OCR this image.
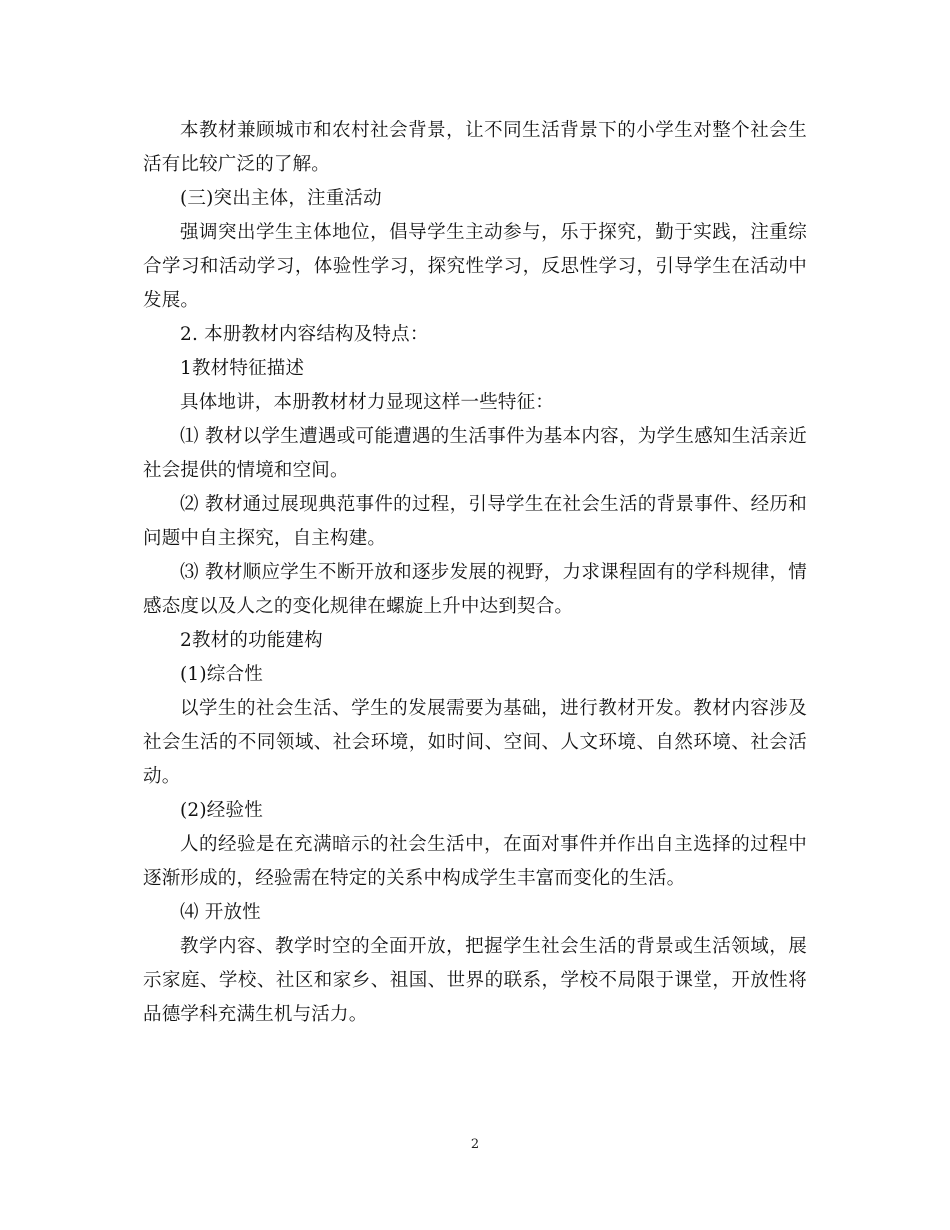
本教材兼顾城市和农村社会背景，让不同生活背景下的小学生对整个社会生活有比较广泛的了解。

(三)突出主体，注重活动

强调突出学生主体地位，倡导学生主动参与，乐于探究，勤于实践，注重综合学习和活动学习，体验性学习，探究性学习，反思性学习，引导学生在活动中发展。

2. 本册教材内容结构及特点：

1教材特征描述

具体地讲，本册教材材力显现这样一些特征：

⑴ 教材以学生遭遇或可能遭遇的生活事件为基本内容，为学生感知生活亲近社会提供的情境和空间。

⑵ 教材通过展现典范事件的过程，引导学生在社会生活的背景事件、经历和问题中自主探究，自主构建。

⑶ 教材顺应学生不断开放和逐步发展的视野，力求课程固有的学科规律，情感态度以及人之的变化规律在螺旋上升中达到契合。

2教材的功能建构

(1)综合性

以学生的社会生活、学生的发展需要为基础，进行教材开发。教材内容涉及社会生活的不同领域、社会环境，如时间、空间、人文环境、自然环境、社会活动。

(2)经验性

人的经验是在充满暗示的社会生活中，在面对事件并作出自主选择的过程中逐渐形成的，经验需在特定的关系中构成学生丰富而变化的生活。

⑷ 开放性

教学内容、教学时空的全面开放，把握学生社会生活的背景或生活领域，展示家庭、学校、社区和家乡、祖国、世界的联系，学校不局限于课堂，开放性将品德学科充满生机与活力。

2
